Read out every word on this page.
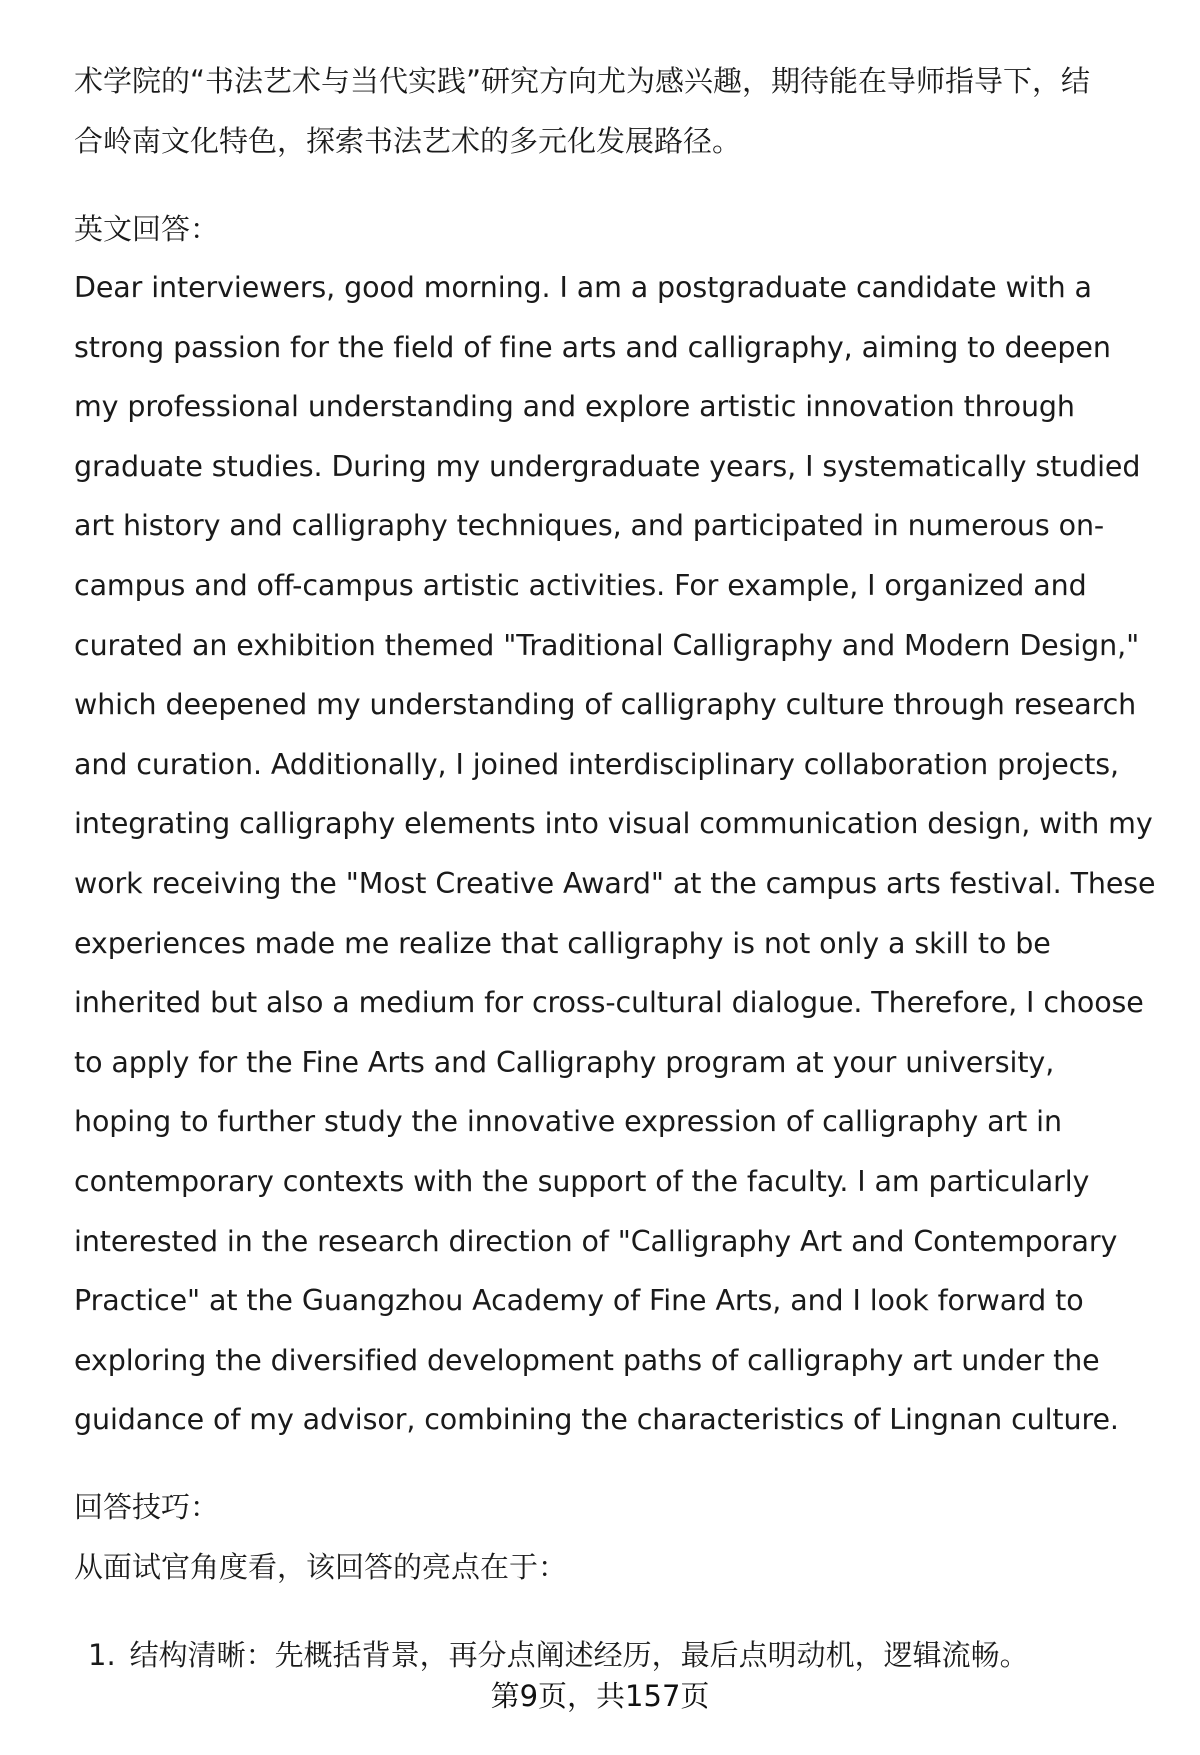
术学院的“书法艺术与当代实践”研究方向尤为感兴趣，期待能在导师指导下，结
合岭南文化特色，探索书法艺术的多元化发展路径。
英文回答：
Dear interviewers, good morning. I am a postgraduate candidate with a
strong passion for the field of fine arts and calligraphy, aiming to deepen
my professional understanding and explore artistic innovation through
graduate studies. During my undergraduate years, I systematically studied
art history and calligraphy techniques, and participated in numerous on-
campus and off-campus artistic activities. For example, I organized and
curated an exhibition themed "Traditional Calligraphy and Modern Design,"
which deepened my understanding of calligraphy culture through research
and curation. Additionally, I joined interdisciplinary collaboration projects,
integrating calligraphy elements into visual communication design, with my
work receiving the "Most Creative Award" at the campus arts festival. These
experiences made me realize that calligraphy is not only a skill to be
inherited but also a medium for cross-cultural dialogue. Therefore, I choose
to apply for the Fine Arts and Calligraphy program at your university,
hoping to further study the innovative expression of calligraphy art in
contemporary contexts with the support of the faculty. I am particularly
interested in the research direction of "Calligraphy Art and Contemporary
Practice" at the Guangzhou Academy of Fine Arts, and I look forward to
exploring the diversified development paths of calligraphy art under the
guidance of my advisor, combining the characteristics of Lingnan culture.
回答技巧：
从面试官角度看，该回答的亮点在于：
1. 结构清晰：先概括背景，再分点阐述经历，最后点明动机，逻辑流畅。
第9页，共157页
